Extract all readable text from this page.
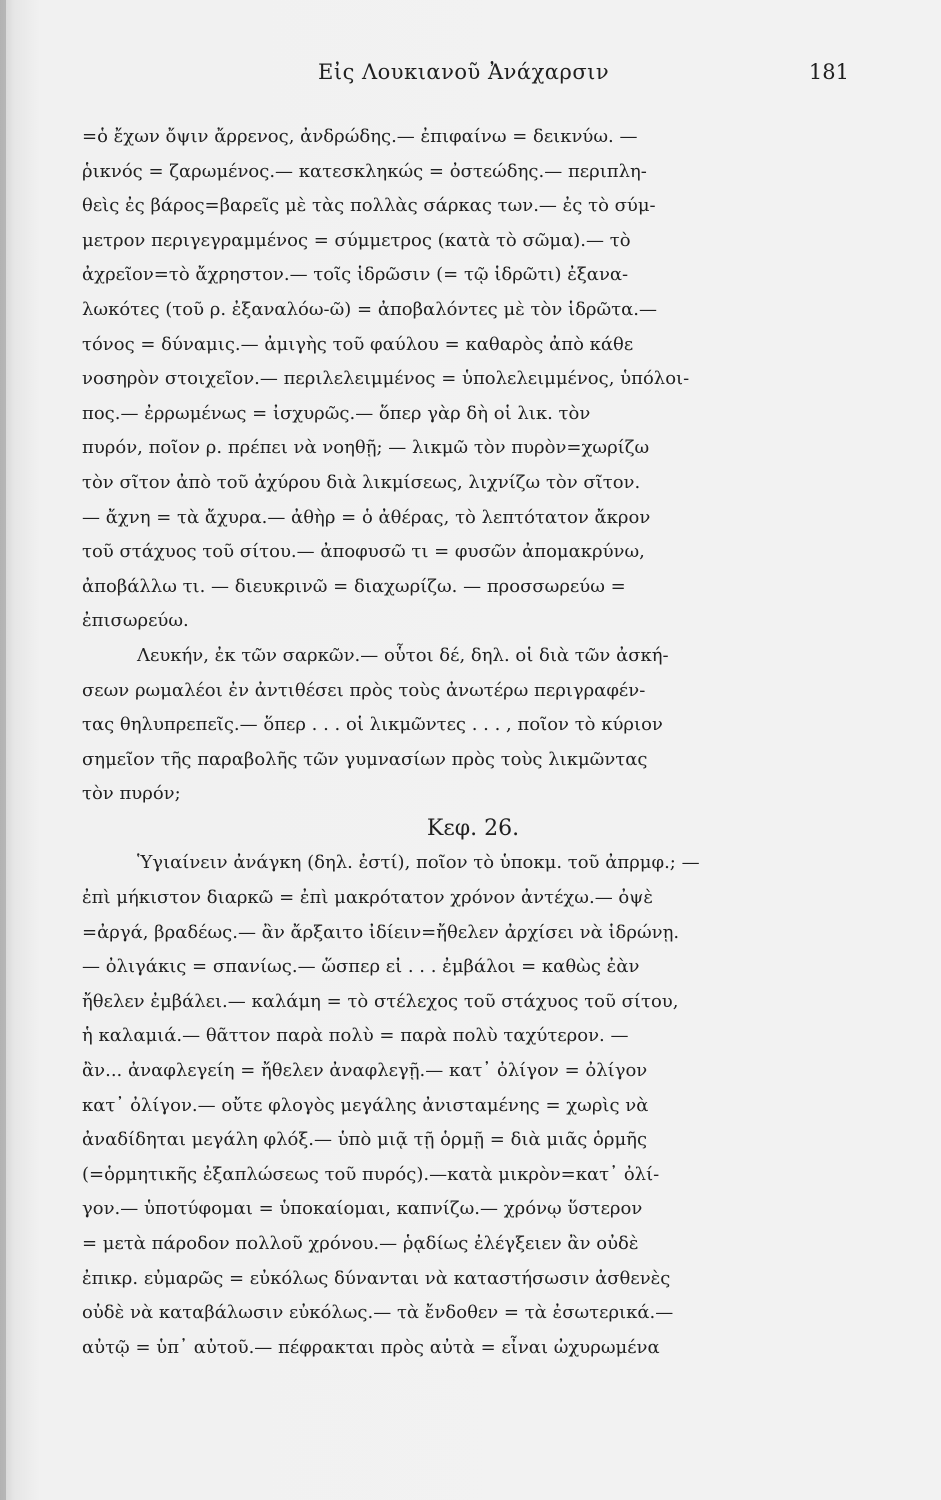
Εἰς Λουκιανοῦ Ἀνάχαρσιν	181
=ὁ ἔχων ὄψιν ἄρρενος, ἀνδρώδης.— ἐπιφαίνω = δεικνύω. —
ῥικνός = ζαρωμένος.— κατεσκληκώς = ὀστεώδης.— περιπλη-
θεὶς ἐς βάρος=βαρεῖς μὲ τὰς πολλὰς σάρκας των.— ἐς τὸ σύμ-
μετρον περιγεγραμμένος = σύμμετρος (κατὰ τὸ σῶμα).— τὸ
ἀχρεῖον=τὸ ἄχρηστον.— τοῖς ἱδρῶσιν (= τῷ ἱδρῶτι) ἐξανα-
λωκότες (τοῦ ρ. ἐξαναλόω-ῶ) = ἀποβαλόντες μὲ τὸν ἱδρῶτα.—
τόνος = δύναμις.— ἀμιγὴς τοῦ φαύλου = καθαρὸς ἀπὸ κάθε
νοσηρὸν στοιχεῖον.— περιλελειμμένος = ὑπολελειμμένος, ὑπόλοι-
πος.— ἐρρωμένως = ἰσχυρῶς.— ὅπερ γὰρ δὴ οἱ λικ. τὸν
πυρόν, ποῖον ρ. πρέπει νὰ νοηθῇ; — λικμῶ τὸν πυρὸν=χωρίζω
τὸν σῖτον ἀπὸ τοῦ ἀχύρου διὰ λικμίσεως, λιχνίζω τὸν σῖτον.
— ἄχνη = τὰ ἄχυρα.— ἀθὴρ = ὁ ἀθέρας, τὸ λεπτότατον ἄκρον
τοῦ στάχυος τοῦ σίτου.— ἀποφυσῶ τι = φυσῶν ἀπομακρύνω,
ἀποβάλλω τι. — διευκρινῶ = διαχωρίζω. — προσσωρεύω =
ἐπισωρεύω.
Λευκήν, ἐκ τῶν σαρκῶν.— οὗτοι δέ, δηλ. οἱ διὰ τῶν ἀσκή-
σεων ρωμαλέοι ἐν ἀντιθέσει πρὸς τοὺς ἀνωτέρω περιγραφέν-
τας θηλυπρεπεῖς.— ὅπερ . . . οἱ λικμῶντες . . . , ποῖον τὸ κύριον
σημεῖον τῆς παραβολῆς τῶν γυμνασίων πρὸς τοὺς λικμῶντας
τὸν πυρόν;
Κεφ. 26.
Ὑγιαίνειν ἀνάγκη (δηλ. ἐστί), ποῖον τὸ ὑποκμ. τοῦ ἀπρμφ.; —
ἐπὶ μήκιστον διαρκῶ = ἐπὶ μακρότατον χρόνον ἀντέχω.— ὀψὲ
=ἀργά, βραδέως.— ἂν ἄρξαιτο ἰδίειν=ἤθελεν ἀρχίσει νὰ ἱδρώνῃ.
— ὀλιγάκις = σπανίως.— ὥσπερ εἰ . . . ἐμβάλοι = καθὼς ἐὰν
ἤθελεν ἐμβάλει.— καλάμη = τὸ στέλεχος τοῦ στάχυος τοῦ σίτου,
ἡ καλαμιά.— θᾶττον παρὰ πολὺ = παρὰ πολὺ ταχύτερον. —
ἂν... ἀναφλεγείη = ἤθελεν ἀναφλεγῇ.— κατ᾽ ὀλίγον = ὀλίγον
κατ᾽ ὀλίγον.— οὔτε φλογὸς μεγάλης ἀνισταμένης = χωρὶς νὰ
ἀναδίδηται μεγάλη φλόξ.— ὑπὸ μιᾷ τῇ ὁρμῇ = διὰ μιᾶς ὁρμῆς
(=ὁρμητικῆς ἐξαπλώσεως τοῦ πυρός).—κατὰ μικρὸν=κατ᾽ ὀλί-
γον.— ὑποτύφομαι = ὑποκαίομαι, καπνίζω.— χρόνῳ ὕστερον
= μετὰ πάροδον πολλοῦ χρόνου.— ῥᾳδίως ἐλέγξειεν ἂν οὐδὲ
ἐπικρ. εὐμαρῶς = εὐκόλως δύνανται νὰ καταστήσωσιν ἀσθενὲς
οὐδὲ νὰ καταβάλωσιν εὐκόλως.— τὰ ἔνδοθεν = τὰ ἐσωτερικά.—
αὐτῷ = ὑπ᾽ αὐτοῦ.— πέφρακται πρὸς αὐτὰ = εἶναι ὠχυρωμένα
